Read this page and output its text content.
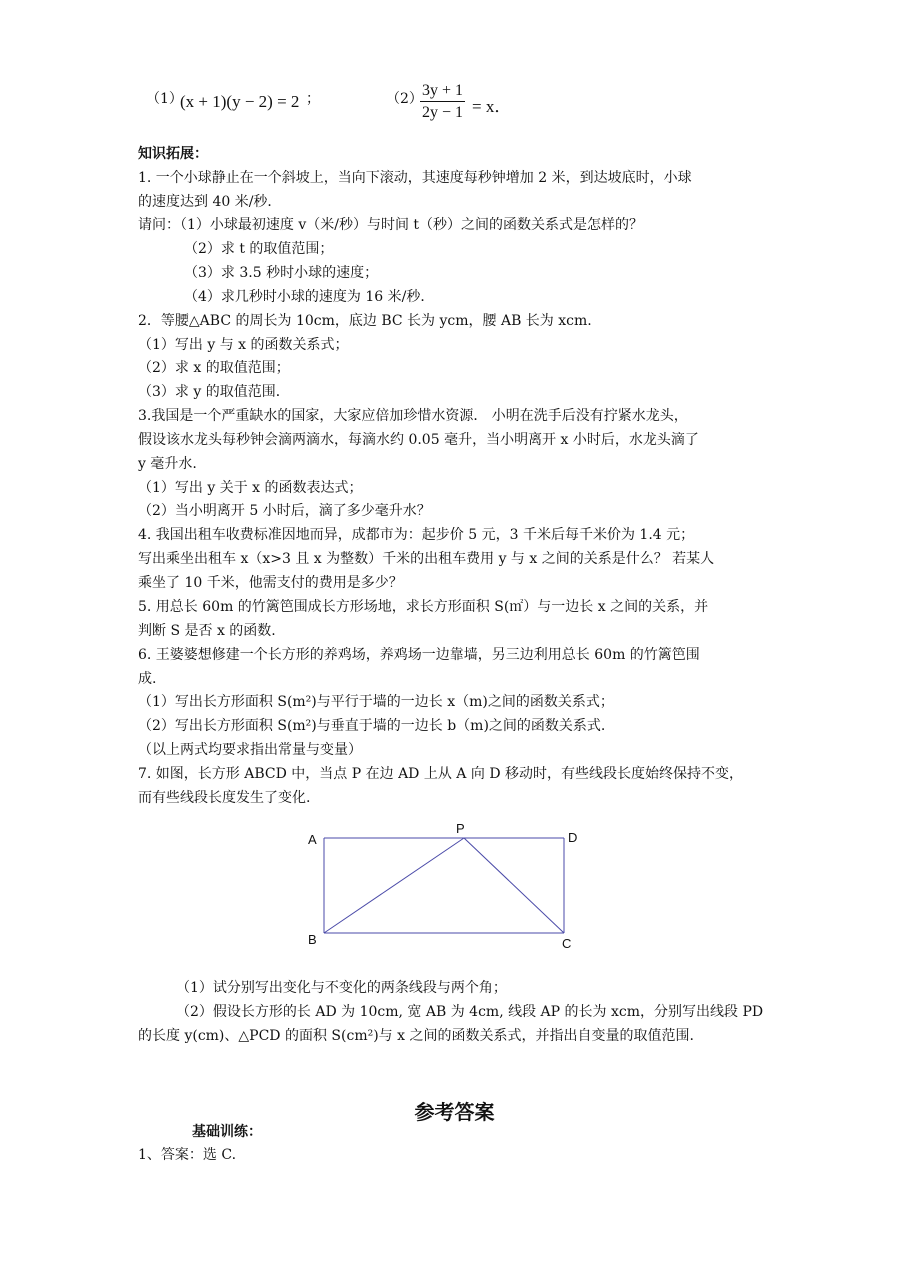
（1）
(x + 1)(y − 2) = 2 ；	（2）
$\frac{3y + 1}{2y - 1} = x$．
知识拓展：
1. 一个小球静止在一个斜坡上，当向下滚动，其速度每秒钟增加 2 米，到达坡底时，小球
的速度达到 40 米/秒．
请问：（1）小球最初速度 v（米/秒）与时间 t（秒）之间的函数关系式是怎样的？
（2）求 t 的取值范围；
（3）求 3.5 秒时小球的速度；
（4）求几秒时小球的速度为 16 米/秒．
2．等腰△ABC 的周长为 10cm，底边 BC 长为 ycm，腰 AB 长为 xcm.
（1）写出 y 与 x 的函数关系式；
（2）求 x 的取值范围；
（3）求 y 的取值范围．
3.我国是一个严重缺水的国家，大家应倍加珍惜水资源． 小明在洗手后没有拧紧水龙头，
假设该水龙头每秒钟会滴两滴水，每滴水约 0.05 毫升，当小明离开 x 小时后，水龙头滴了
y 毫升水.
（1）写出 y 关于 x 的函数表达式；
（2）当小明离开 5 小时后，滴了多少毫升水？
4. 我国出租车收费标准因地而异，成都市为：起步价 5 元，3 千米后每千米价为 1.4 元；
写出乘坐出租车 x（x>3 且 x 为整数）千米的出租车费用 y 与 x 之间的关系是什么？ 若某人
乘坐了 10 千米，他需支付的费用是多少？
5. 用总长 60m 的竹篱笆围成长方形场地，求长方形面积 S(㎡）与一边长 x 之间的关系，并
判断 S 是否 x 的函数.
6. 王婆婆想修建一个长方形的养鸡场，养鸡场一边靠墙，另三边利用总长 60m 的竹篱笆围
成.
（1）写出长方形面积 S(m²)与平行于墙的一边长 x（m)之间的函数关系式；
（2）写出长方形面积 S(m²)与垂直于墙的一边长 b（m)之间的函数关系式.
（以上两式均要求指出常量与变量）
7. 如图，长方形 ABCD 中，当点 P 在边 AD 上从 A 向 D 移动时，有些线段长度始终保持不变，
而有些线段长度发生了变化.
A
B	C
D
P
（1）试分别写出变化与不变化的两条线段与两个角；
（2）假设长方形的长 AD 为 10cm, 宽 AB 为 4cm, 线段 AP 的长为 xcm，分别写出线段 PD
的长度 y(cm)、△PCD 的面积 S(cm²)与 x 之间的函数关系式，并指出自变量的取值范围.
参考答案
基础训练：
1、答案：选 C.
